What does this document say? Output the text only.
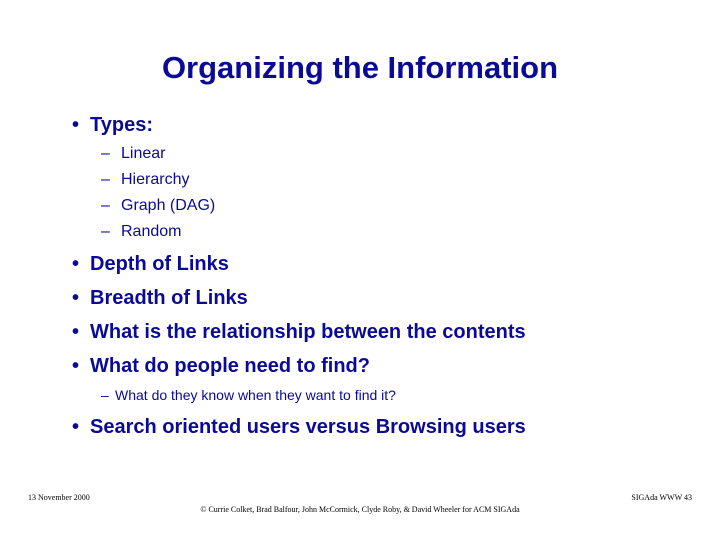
Organizing the Information
• Types:
– Linear
– Hierarchy
– Graph (DAG)
– Random
• Depth of Links
• Breadth of Links
• What is the relationship between the contents
• What do people need to find?
– What do they know when they want to find it?
• Search oriented users versus Browsing users
13 November 2000	SIGAda WWW 43
© Currie Colket, Brad Balfour, John McCormick, Clyde Roby, & David Wheeler for ACM SIGAda
